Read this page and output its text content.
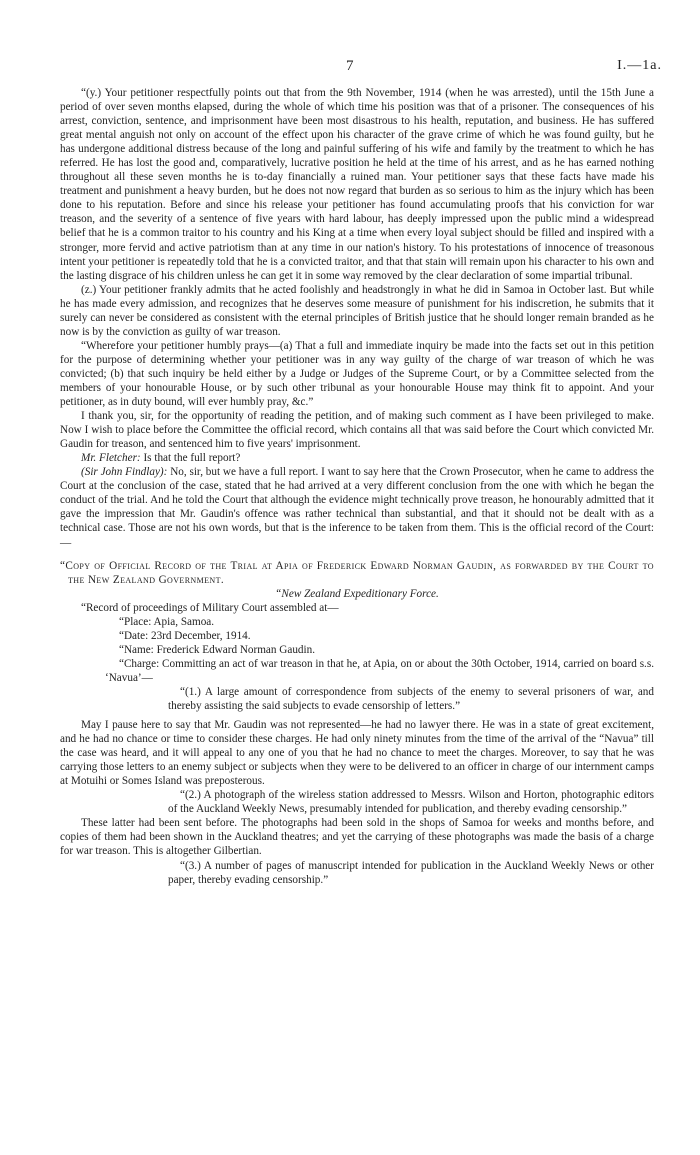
7	I.—1a.

“(y.) Your petitioner respectfully points out that from the 9th November, 1914 (when he was arrested), until the 15th June a period of over seven months elapsed, during the whole of which time his position was that of a prisoner. The consequences of his arrest, conviction, sentence, and imprisonment have been most disastrous to his health, reputation, and business. He has suffered great mental anguish not only on account of the effect upon his character of the grave crime of which he was found guilty, but he has undergone additional distress because of the long and painful suffering of his wife and family by the treatment to which he has referred. He has lost the good and, comparatively, lucrative position he held at the time of his arrest, and as he has earned nothing throughout all these seven months he is to-day financially a ruined man. Your petitioner says that these facts have made his treatment and punishment a heavy burden, but he does not now regard that burden as so serious to him as the injury which has been done to his reputation. Before and since his release your petitioner has found accumulating proofs that his conviction for war treason, and the severity of a sentence of five years with hard labour, has deeply impressed upon the public mind a widespread belief that he is a common traitor to his country and his King at a time when every loyal subject should be filled and inspired with a stronger, more fervid and active patriotism than at any time in our nation's history. To his protestations of innocence of treasonous intent your petitioner is repeatedly told that he is a convicted traitor, and that that stain will remain upon his character to his own and the lasting disgrace of his children unless he can get it in some way removed by the clear declaration of some impartial tribunal.

(z.) Your petitioner frankly admits that he acted foolishly and headstrongly in what he did in Samoa in October last. But while he has made every admission, and recognizes that he deserves some measure of punishment for his indiscretion, he submits that it surely can never be considered as consistent with the eternal principles of British justice that he should longer remain branded as he now is by the conviction as guilty of war treason.

“Wherefore your petitioner humbly prays—(a) That a full and immediate inquiry be made into the facts set out in this petition for the purpose of determining whether your petitioner was in any way guilty of the charge of war treason of which he was convicted; (b) that such inquiry be held either by a Judge or Judges of the Supreme Court, or by a Committee selected from the members of your honourable House, or by such other tribunal as your honourable House may think fit to appoint. And your petitioner, as in duty bound, will ever humbly pray, &c.”

I thank you, sir, for the opportunity of reading the petition, and of making such comment as I have been privileged to make. Now I wish to place before the Committee the official record, which contains all that was said before the Court which convicted Mr. Gaudin for treason, and sentenced him to five years' imprisonment.

Mr. Fletcher: Is that the full report?

(Sir John Findlay): No, sir, but we have a full report. I want to say here that the Crown Prosecutor, when he came to address the Court at the conclusion of the case, stated that he had arrived at a very different conclusion from the one with which he began the conduct of the trial. And he told the Court that although the evidence might technically prove treason, he honourably admitted that it gave the impression that Mr. Gaudin's offence was rather technical than substantial, and that it should not be dealt with as a technical case. Those are not his own words, but that is the inference to be taken from them. This is the official record of the Court:—

“Copy of Official Record of the Trial at Apia of Frederick Edward Norman Gaudin, as forwarded by the Court to the New Zealand Government.

“New Zealand Expeditionary Force.

“Record of proceedings of Military Court assembled at—

“Place: Apia, Samoa.

“Date: 23rd December, 1914.

“Name: Frederick Edward Norman Gaudin.

“Charge: Committing an act of war treason in that he, at Apia, on or about the 30th October, 1914, carried on board s.s. ‘Navua’—

“(1.) A large amount of correspondence from subjects of the enemy to several prisoners of war, and thereby assisting the said subjects to evade censorship of letters.”

May I pause here to say that Mr. Gaudin was not represented—he had no lawyer there. He was in a state of great excitement, and he had no chance or time to consider these charges. He had only ninety minutes from the time of the arrival of the “Navua” till the case was heard, and it will appeal to any one of you that he had no chance to meet the charges. Moreover, to say that he was carrying those letters to an enemy subject or subjects when they were to be delivered to an officer in charge of our internment camps at Motuihi or Somes Island was preposterous.

“(2.) A photograph of the wireless station addressed to Messrs. Wilson and Horton, photographic editors of the Auckland Weekly News, presumably intended for publication, and thereby evading censorship.”

These latter had been sent before. The photographs had been sold in the shops of Samoa for weeks and months before, and copies of them had been shown in the Auckland theatres; and yet the carrying of these photographs was made the basis of a charge for war treason. This is altogether Gilbertian.

“(3.) A number of pages of manuscript intended for publication in the Auckland Weekly News or other paper, thereby evading censorship.”
